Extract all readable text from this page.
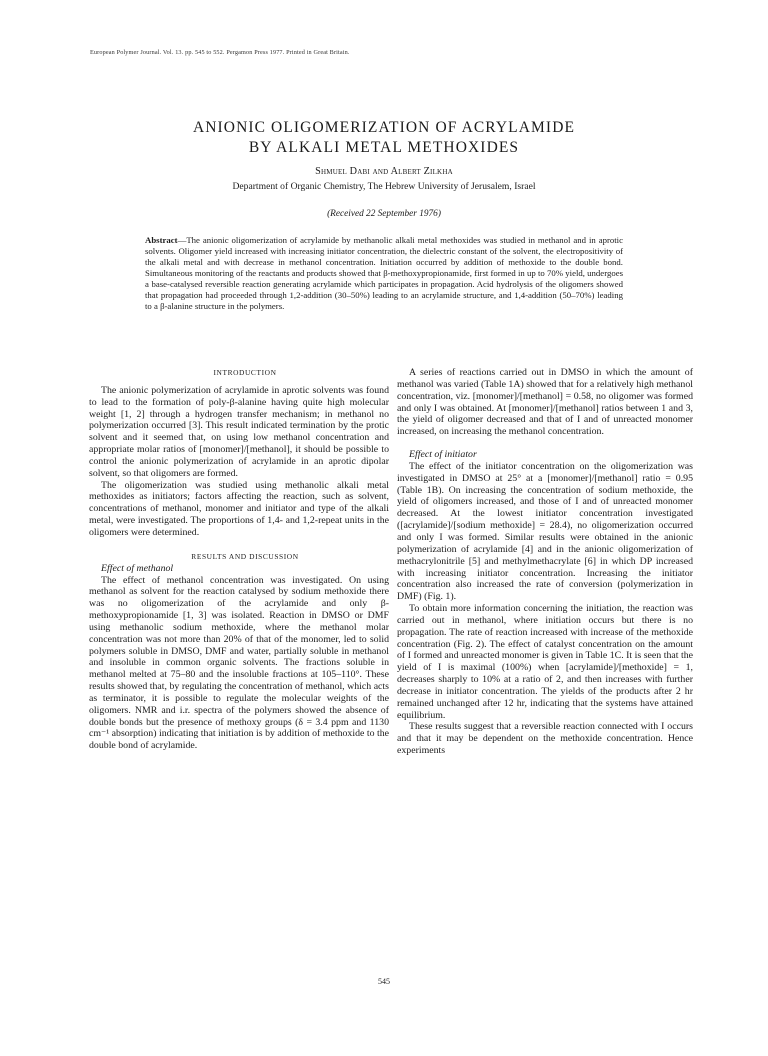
European Polymer Journal. Vol. 13. pp. 545 to 552. Pergamon Press 1977. Printed in Great Britain.
ANIONIC OLIGOMERIZATION OF ACRYLAMIDE
BY ALKALI METAL METHOXIDES
Shmuel Dabi and Albert Zilkha
Department of Organic Chemistry, The Hebrew University of Jerusalem, Israel
(Received 22 September 1976)
Abstract—The anionic oligomerization of acrylamide by methanolic alkali metal methoxides was studied in methanol and in aprotic solvents. Oligomer yield increased with increasing initiator concentration, the dielectric constant of the solvent, the electropositivity of the alkali metal and with decrease in methanol concentration. Initiation occurred by addition of methoxide to the double bond. Simultaneous monitoring of the reactants and products showed that β-methoxypropionamide, first formed in up to 70% yield, undergoes a base-catalysed reversible reaction generating acrylamide which participates in propagation. Acid hydrolysis of the oligomers showed that propagation had proceeded through 1,2-addition (30–50%) leading to an acrylamide structure, and 1,4-addition (50–70%) leading to a β-alanine structure in the polymers.

INTRODUCTION

The anionic polymerization of acrylamide in aprotic solvents was found to lead to the formation of poly-β-alanine having quite high molecular weight [1, 2] through a hydrogen transfer mechanism; in methanol no polymerization occurred [3]. This result indicated termination by the protic solvent and it seemed that, on using low methanol concentration and appropriate molar ratios of [monomer]/[methanol], it should be possible to control the anionic polymerization of acrylamide in an aprotic dipolar solvent, so that oligomers are formed.

The oligomerization was studied using methanolic alkali metal methoxides as initiators; factors affecting the reaction, such as solvent, concentrations of methanol, monomer and initiator and type of the alkali metal, were investigated. The proportions of 1,4- and 1,2-repeat units in the oligomers were determined.

RESULTS AND DISCUSSION

Effect of methanol

The effect of methanol concentration was investigated. On using methanol as solvent for the reaction catalysed by sodium methoxide there was no oligomerization of the acrylamide and only β-methoxypropionamide [1, 3] was isolated. Reaction in DMSO or DMF using methanolic sodium methoxide, where the methanol molar concentration was not more than 20% of that of the monomer, led to solid polymers soluble in DMSO, DMF and water, partially soluble in methanol and insoluble in common organic solvents. The fractions soluble in methanol melted at 75–80 and the insoluble fractions at 105–110°. These results showed that, by regulating the concentration of methanol, which acts as terminator, it is possible to regulate the molecular weights of the oligomers. NMR and i.r. spectra of the polymers showed the absence of double bonds but the presence of methoxy groups (δ = 3.4 ppm and 1130 cm⁻¹ absorption) indicating that initiation is by addition of methoxide to the double bond of acrylamide.

A series of reactions carried out in DMSO in which the amount of methanol was varied (Table 1A) showed that for a relatively high methanol concentration, viz. [monomer]/[methanol] = 0.58, no oligomer was formed and only I was obtained. At [monomer]/[methanol] ratios between 1 and 3, the yield of oligomer decreased and that of I and of unreacted monomer increased, on increasing the methanol concentration.

Effect of initiator

The effect of the initiator concentration on the oligomerization was investigated in DMSO at 25° at a [monomer]/[methanol] ratio = 0.95 (Table 1B). On increasing the concentration of sodium methoxide, the yield of oligomers increased, and those of I and of unreacted monomer decreased. At the lowest initiator concentration investigated ([acrylamide]/[sodium methoxide] = 28.4), no oligomerization occurred and only I was formed. Similar results were obtained in the anionic polymerization of acrylamide [4] and in the anionic oligomerization of methacrylonitrile [5] and methylmethacrylate [6] in which DP increased with increasing initiator concentration. Increasing the initiator concentration also increased the rate of conversion (polymerization in DMF) (Fig. 1).

To obtain more information concerning the initiation, the reaction was carried out in methanol, where initiation occurs but there is no propagation. The rate of reaction increased with increase of the methoxide concentration (Fig. 2). The effect of catalyst concentration on the amount of I formed and unreacted monomer is given in Table 1C. It is seen that the yield of I is maximal (100%) when [acrylamide]/[methoxide] = 1, decreases sharply to 10% at a ratio of 2, and then increases with further decrease in initiator concentration. The yields of the products after 2 hr remained unchanged after 12 hr, indicating that the systems have attained equilibrium.

These results suggest that a reversible reaction connected with I occurs and that it may be dependent on the methoxide concentration. Hence experiments

545
